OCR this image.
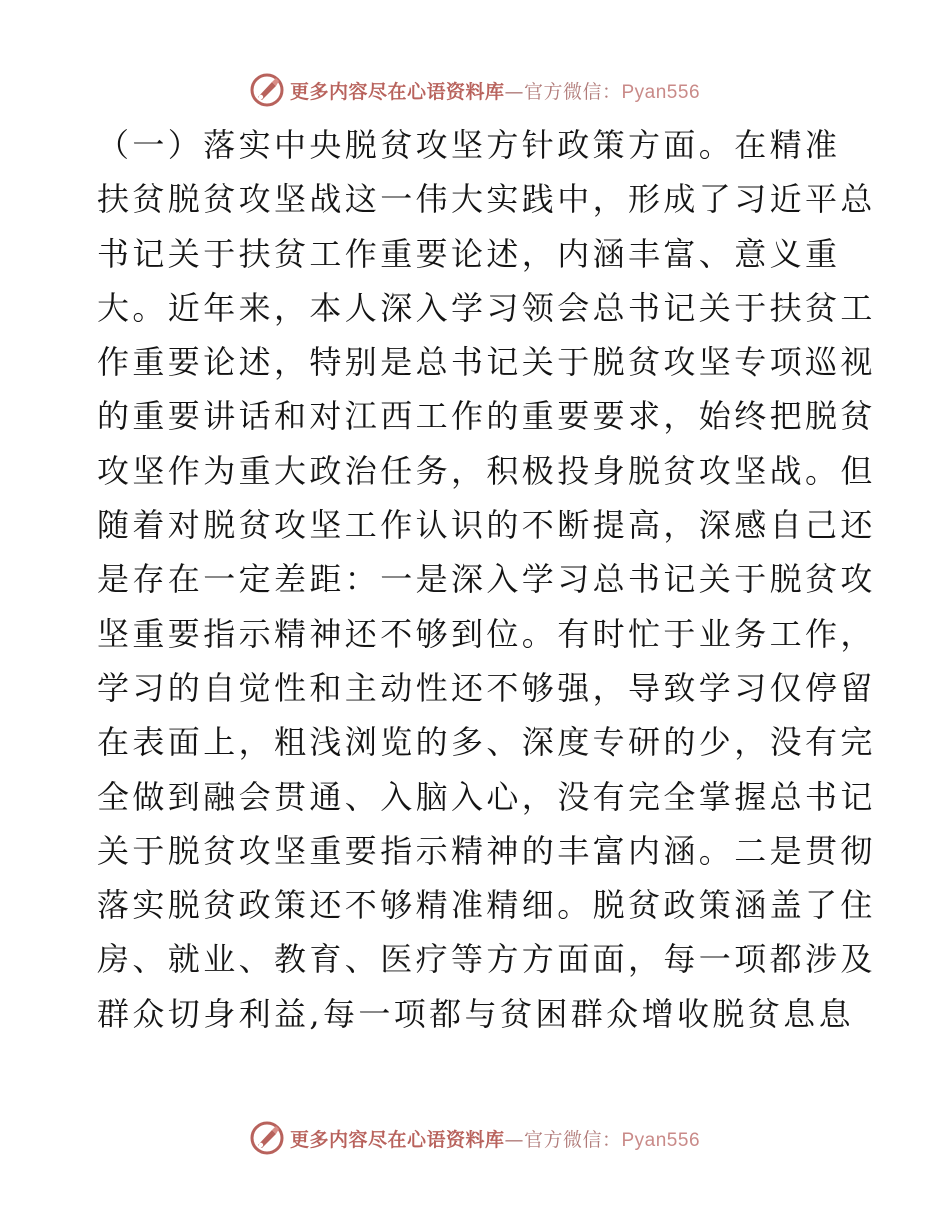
更多内容尽在心语资料库—官方微信：Pyan556
（一）落实中央脱贫攻坚方针政策方面。在精准
扶贫脱贫攻坚战这一伟大实践中，形成了习近平总
书记关于扶贫工作重要论述，内涵丰富、意义重
大。近年来，本人深入学习领会总书记关于扶贫工
作重要论述，特别是总书记关于脱贫攻坚专项巡视
的重要讲话和对江西工作的重要要求，始终把脱贫
攻坚作为重大政治任务，积极投身脱贫攻坚战。但
随着对脱贫攻坚工作认识的不断提高，深感自己还
是存在一定差距：一是深入学习总书记关于脱贫攻
坚重要指示精神还不够到位。有时忙于业务工作，
学习的自觉性和主动性还不够强，导致学习仅停留
在表面上，粗浅浏览的多、深度专研的少，没有完
全做到融会贯通、入脑入心，没有完全掌握总书记
关于脱贫攻坚重要指示精神的丰富内涵。二是贯彻
落实脱贫政策还不够精准精细。脱贫政策涵盖了住
房、就业、教育、医疗等方方面面，每一项都涉及
群众切身利益,每一项都与贫困群众增收脱贫息息
更多内容尽在心语资料库—官方微信：Pyan556
